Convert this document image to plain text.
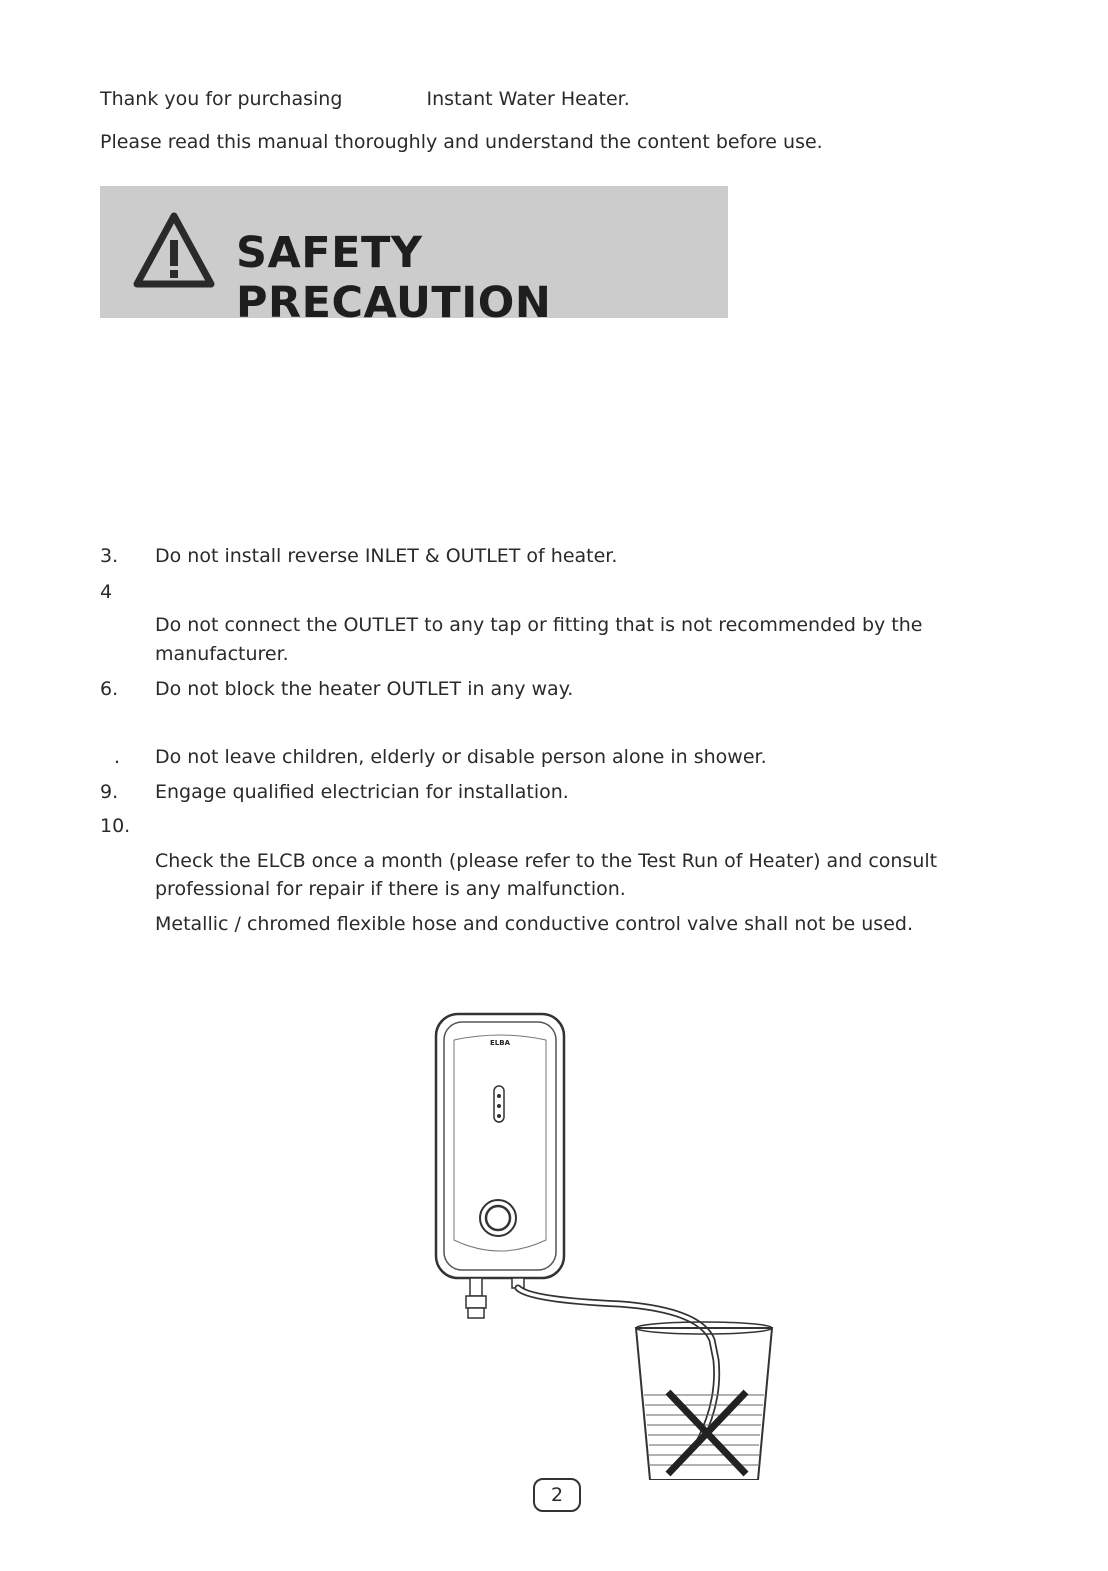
Thank you for purchasing	Instant Water Heater.
Please read this manual thoroughly and understand the content before use.
SAFETY PRECAUTION
3. Do not install reverse INLET & OUTLET of heater.
4
Do not connect the OUTLET to any tap or fitting that is not recommended by the
manufacturer.
6. Do not block the heater OUTLET in any way.
. Do not leave children, elderly or disable person alone in shower.
9. Engage qualified electrician for installation.
10.
Check the ELCB once a month (please refer to the Test Run of Heater) and consult
professional for repair if there is any malfunction.
Metallic / chromed flexible hose and conductive control valve shall not be used.
ELBA
2
